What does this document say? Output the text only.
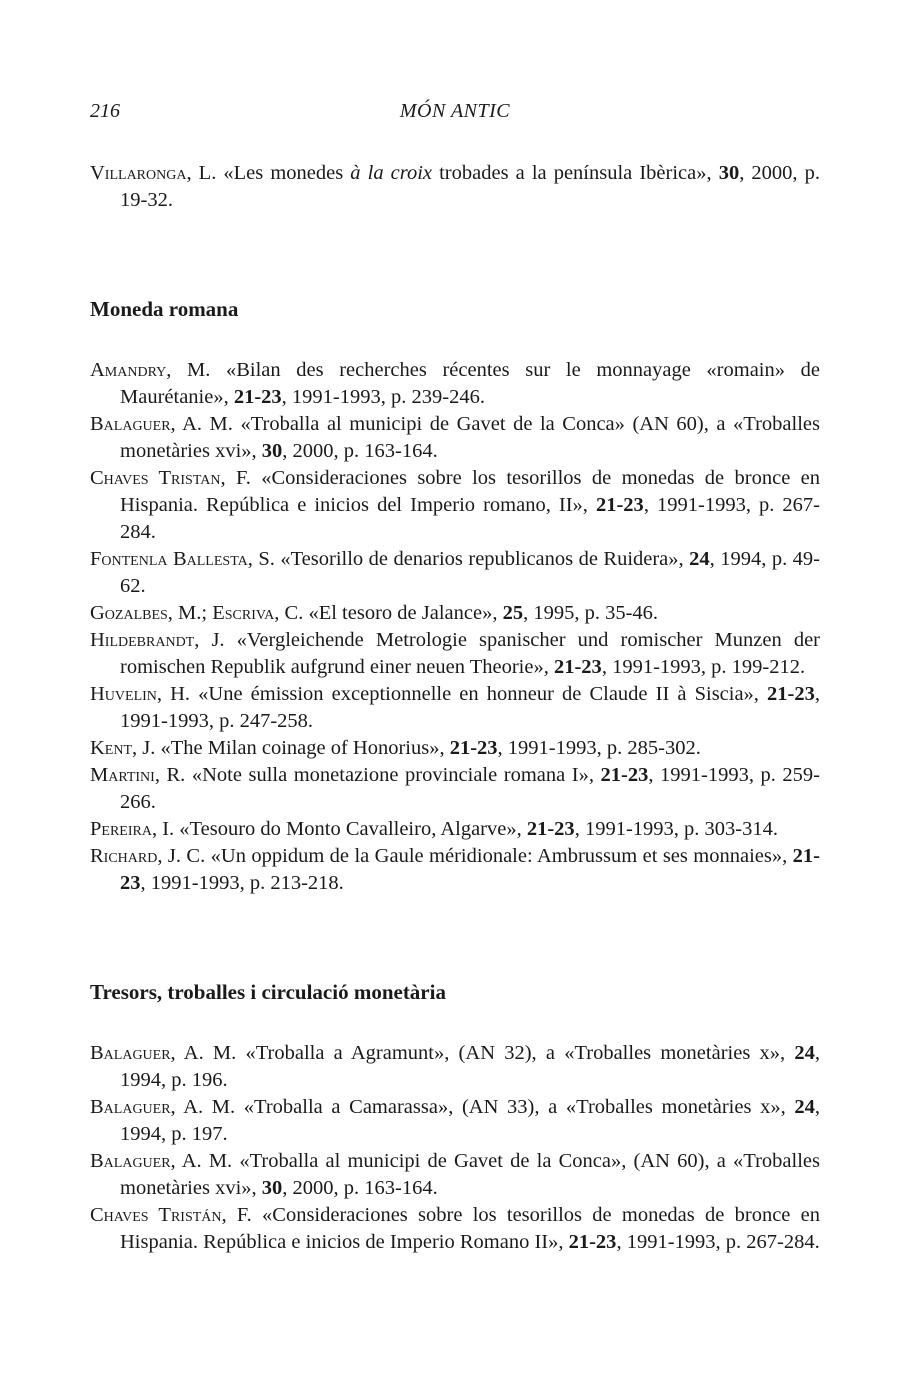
216	MÓN ANTIC
Villaronga, L. «Les monedes à la croix trobades a la península Ibèrica», 30, 2000, p. 19-32.
Moneda romana
Amandry, M. «Bilan des recherches récentes sur le monnayage «romain» de Maurétanie», 21-23, 1991-1993, p. 239-246.
Balaguer, A. M. «Troballa al municipi de Gavet de la Conca» (AN 60), a «Troballes monetàries xvi», 30, 2000, p. 163-164.
Chaves Tristan, F. «Consideraciones sobre los tesorillos de monedas de bronce en Hispania. República e inicios del Imperio romano, II», 21-23, 1991-1993, p. 267-284.
Fontenla Ballesta, S. «Tesorillo de denarios republicanos de Ruidera», 24, 1994, p. 49-62.
Gozalbes, M.; Escriva, C. «El tesoro de Jalance», 25, 1995, p. 35-46.
Hildebrandt, J. «Vergleichende Metrologie spanischer und romischer Munzen der romischen Republik aufgrund einer neuen Theorie», 21-23, 1991-1993, p. 199-212.
Huvelin, H. «Une émission exceptionnelle en honneur de Claude II à Siscia», 21-23, 1991-1993, p. 247-258.
Kent, J. «The Milan coinage of Honorius», 21-23, 1991-1993, p. 285-302.
Martini, R. «Note sulla monetazione provinciale romana I», 21-23, 1991-1993, p. 259-266.
Pereira, I. «Tesouro do Monto Cavalleiro, Algarve», 21-23, 1991-1993, p. 303-314.
Richard, J. C. «Un oppidum de la Gaule méridionale: Ambrussum et ses monnaies», 21-23, 1991-1993, p. 213-218.
Tresors, troballes i circulació monetària
Balaguer, A. M. «Troballa a Agramunt», (AN 32), a «Troballes monetàries x», 24, 1994, p. 196.
Balaguer, A. M. «Troballa a Camarassa», (AN 33), a «Troballes monetàries x», 24, 1994, p. 197.
Balaguer, A. M. «Troballa al municipi de Gavet de la Conca», (AN 60), a «Troballes monetàries xvi», 30, 2000, p. 163-164.
Chaves Tristán, F. «Consideraciones sobre los tesorillos de monedas de bronce en Hispania. República e inicios de Imperio Romano II», 21-23, 1991-1993, p. 267-284.
